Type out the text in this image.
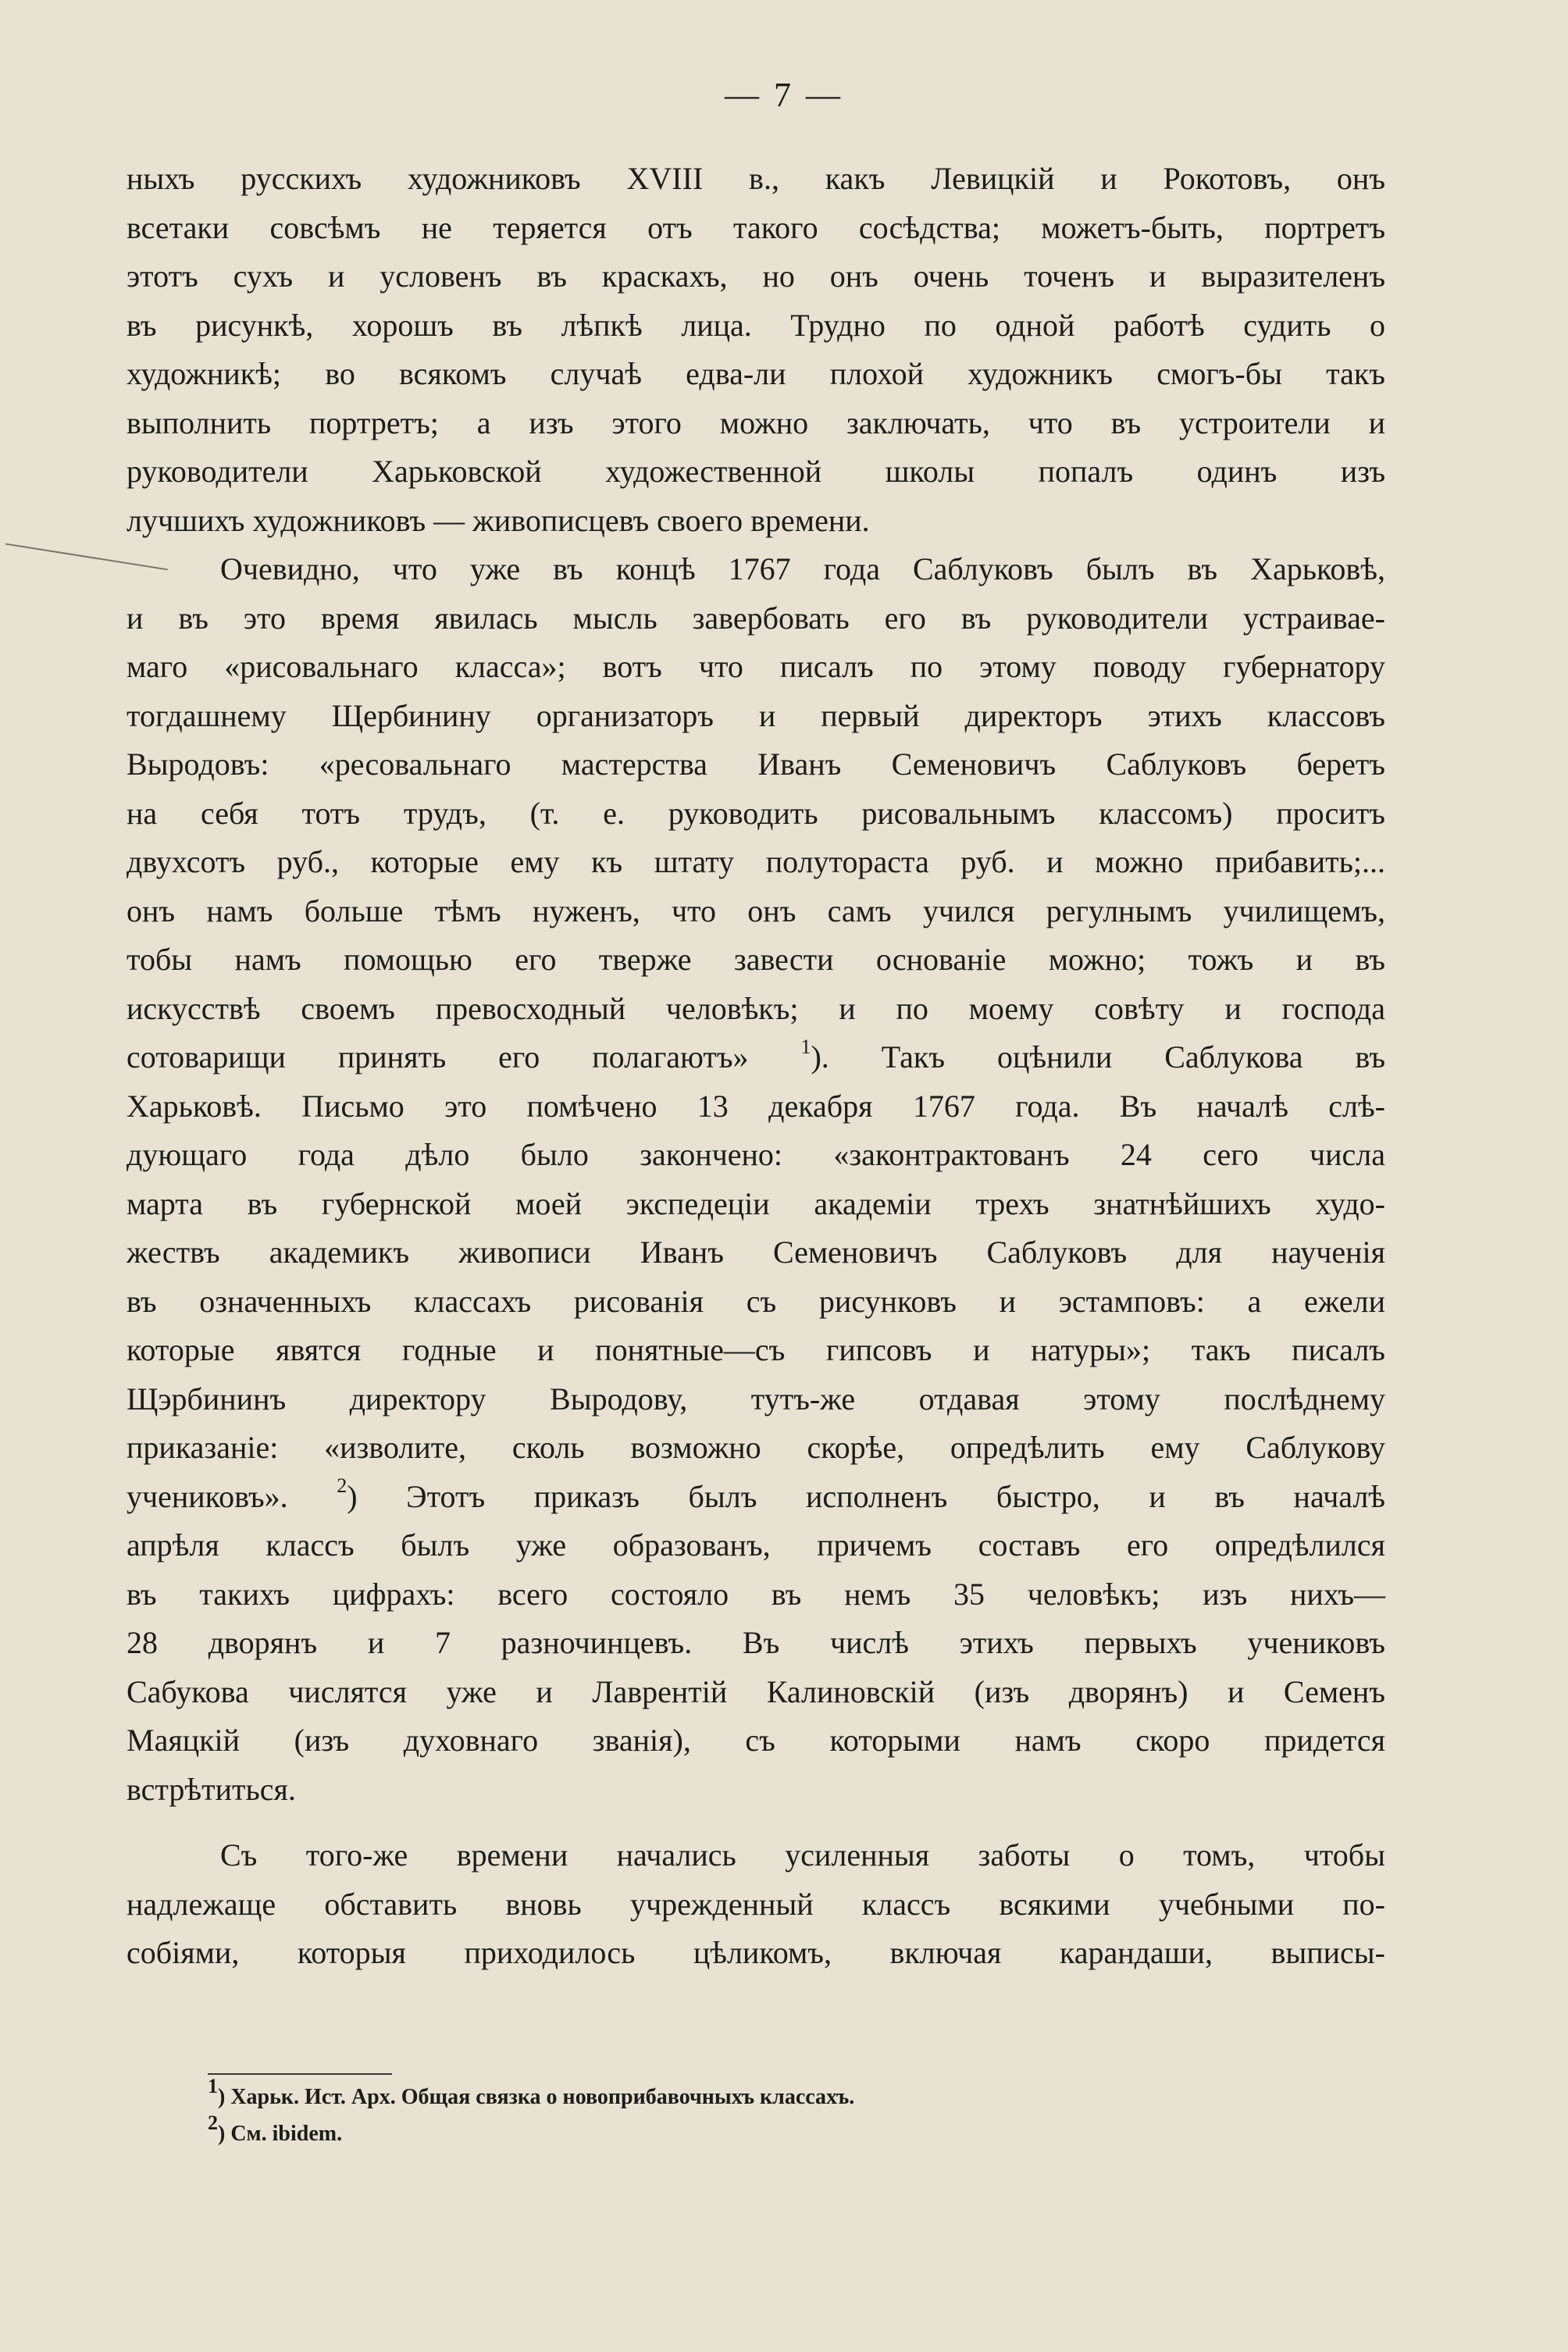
— 7 —
ныхъ русскихъ художниковъ XVIII в., какъ Левицкій и Рокотовъ, онъ
всетаки совсѣмъ не теряется отъ такого сосѣдства; можетъ-быть, портретъ
этотъ сухъ и условенъ въ краскахъ, но онъ очень точенъ и выразителенъ
въ рисункѣ, хорошъ въ лѣпкѣ лица. Трудно по одной работѣ судить о
художникѣ; во всякомъ случаѣ едва-ли плохой художникъ смогъ-бы такъ
выполнить портретъ; а изъ этого можно заключать, что въ устроители и
руководители Харьковской художественной школы попалъ одинъ изъ
лучшихъ художниковъ — живописцевъ своего времени.
Очевидно, что уже въ концѣ 1767 года Саблуковъ былъ въ Харьковѣ,
и въ это время явилась мысль завербовать его въ руководители устраивае-
маго «рисовальнаго класса»; вотъ что писалъ по этому поводу губернатору
тогдашнему Щербинину организаторъ и первый директоръ этихъ классовъ
Выродовъ: «ресовальнаго мастерства Иванъ Семеновичъ Саблуковъ беретъ
на себя тотъ трудъ, (т. е. руководить рисовальнымъ классомъ) проситъ
двухсотъ руб., которые ему къ штату полутораста руб. и можно прибавить;...
онъ намъ больше тѣмъ нуженъ, что онъ самъ учился регулнымъ училищемъ,
тобы намъ помощью его тверже завести основаніе можно; тожъ и въ
искусствѣ своемъ превосходный человѣкъ; и по моему совѣту и господа
сотоварищи принять его полагаютъ»	$^1$). Такъ оцѣнили Саблукова въ
Харьковѣ. Письмо это помѣчено 13 декабря 1767 года. Въ началѣ слѣ-
дующаго года дѣло было закончено: «законтрактованъ 24 сего числа
марта въ губернской моей экспедеціи академіи трехъ знатнѣйшихъ худо-
жествъ академикъ живописи Иванъ Семеновичъ Саблуковъ для наученія
въ означенныхъ классахъ рисованія съ рисунковъ и эстамповъ: а ежели
которые явятся годные и понятные—съ гипсовъ и натуры»; такъ писалъ
Щэрбининъ директору Выродову, тутъ-же отдавая этому послѣднему
приказаніе: «изволите, сколь возможно скорѣе, опредѣлить ему Саблукову
учениковъ». $^2$) Этотъ приказъ былъ исполненъ быстро, и въ началѣ
апрѣля классъ былъ уже образованъ, причемъ составъ его опредѣлился
въ такихъ цифрахъ: всего состояло въ немъ 35 человѣкъ; изъ нихъ—
28 дворянъ и 7 разночинцевъ. Въ числѣ этихъ первыхъ учениковъ
Сабукова числятся уже и Лаврентій Калиновскій (изъ дворянъ) и Семенъ
Маяцкій (изъ духовнаго званія), съ которыми намъ скоро придется
встрѣтиться.
Съ того-же времени начались усиленныя заботы о томъ, чтобы
надлежаще обставить вновь учрежденный классъ всякими учебными по-
собіями, которыя приходилось цѣликомъ, включая карандаши, выписы-
$^1$) Харьк. Ист. Арх. Общая связка о новоприбавочныхъ классахъ.
$^2$) См. ibidem.
